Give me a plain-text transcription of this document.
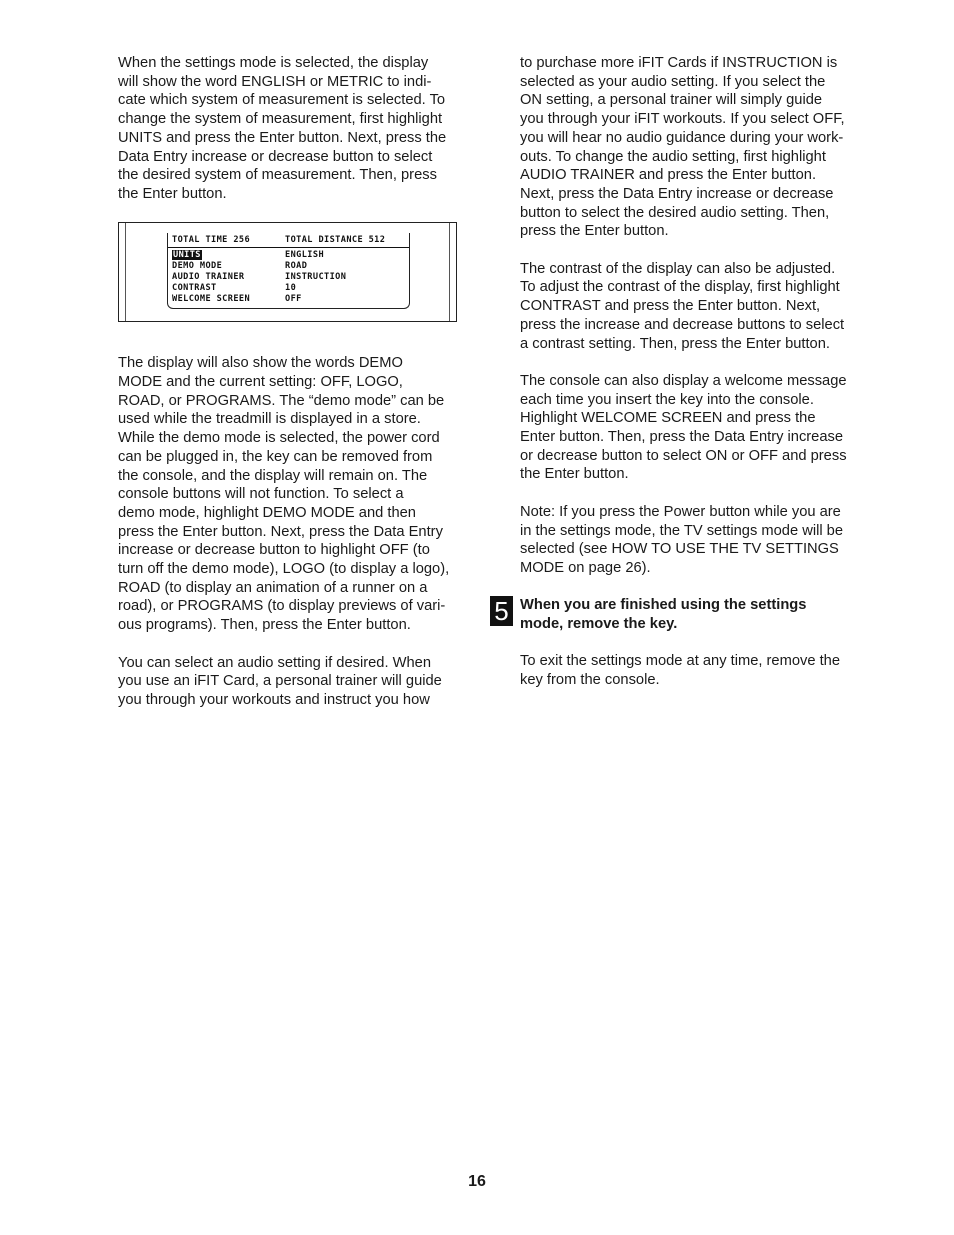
When the settings mode is selected, the display
will show the word ENGLISH or METRIC to indi-
cate which system of measurement is selected. To
change the system of measurement, first highlight
UNITS and press the Enter button. Next, press the
Data Entry increase or decrease button to select
the desired system of measurement. Then, press
the Enter button.

TOTAL TIME 256	TOTAL DISTANCE 512
UNITS	ENGLISH
DEMO MODE	ROAD
AUDIO TRAINER	INSTRUCTION
CONTRAST	10
WELCOME SCREEN	OFF

The display will also show the words DEMO
MODE and the current setting: OFF, LOGO,
ROAD, or PROGRAMS. The “demo mode” can be
used while the treadmill is displayed in a store.
While the demo mode is selected, the power cord
can be plugged in, the key can be removed from
the console, and the display will remain on. The
console buttons will not function. To select a
demo mode, highlight DEMO MODE and then
press the Enter button. Next, press the Data Entry
increase or decrease button to highlight OFF (to
turn off the demo mode), LOGO (to display a logo),
ROAD (to display an animation of a runner on a
road), or PROGRAMS (to display previews of vari-
ous programs). Then, press the Enter button.

You can select an audio setting if desired. When
you use an iFIT Card, a personal trainer will guide
you through your workouts and instruct you how

to purchase more iFIT Cards if INSTRUCTION is
selected as your audio setting. If you select the
ON setting, a personal trainer will simply guide
you through your iFIT workouts. If you select OFF,
you will hear no audio guidance during your work-
outs. To change the audio setting, first highlight
AUDIO TRAINER and press the Enter button.
Next, press the Data Entry increase or decrease
button to select the desired audio setting. Then,
press the Enter button.

The contrast of the display can also be adjusted.
To adjust the contrast of the display, first highlight
CONTRAST and press the Enter button. Next,
press the increase and decrease buttons to select
a contrast setting. Then, press the Enter button.

The console can also display a welcome message
each time you insert the key into the console.
Highlight WELCOME SCREEN and press the
Enter button. Then, press the Data Entry increase
or decrease button to select ON or OFF and press
the Enter button.

Note: If you press the Power button while you are
in the settings mode, the TV settings mode will be
selected (see HOW TO USE THE TV SETTINGS
MODE on page 26).

5 When you are finished using the settings
mode, remove the key.

To exit the settings mode at any time, remove the
key from the console.

16
